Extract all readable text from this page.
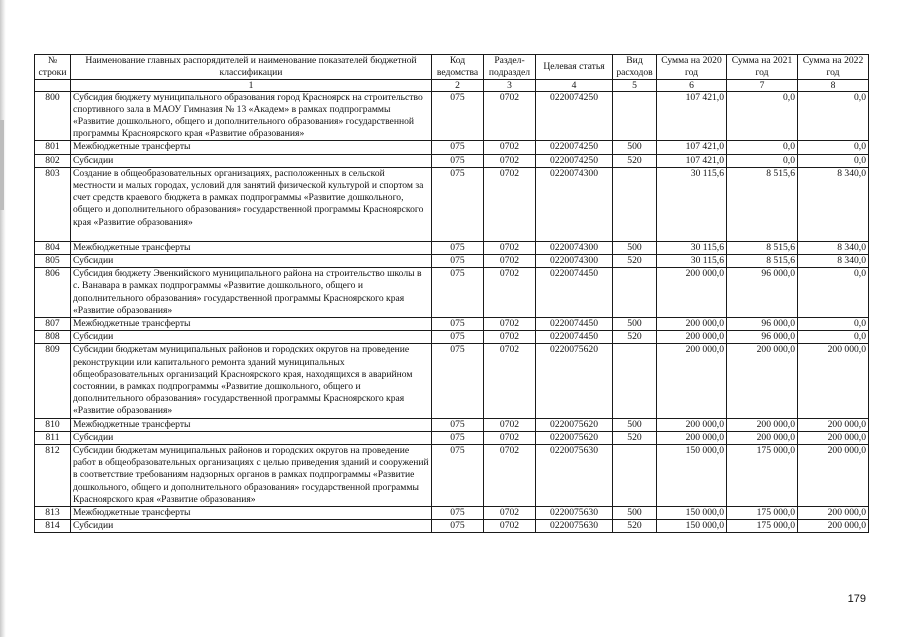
№ строки	Наименование главных распорядителей и наименование показателей бюджетной классификации	Код ведомства	Раздел-подраздел	Целевая статья	Вид расходов	Сумма на 2020 год	Сумма на 2021 год	Сумма на 2022 год
	1	2	3	4	5	6	7	8
800	Субсидия бюджету муниципального образования город Красноярск на строительство спортивного зала в МАОУ Гимназия № 13 «Академ» в рамках подпрограммы «Развитие дошкольного, общего и дополнительного образования» государственной программы Красноярского края «Развитие образования»	075	0702	0220074250		107 421,0	0,0	0,0
801	Межбюджетные трансферты	075	0702	0220074250	500	107 421,0	0,0	0,0
802	Субсидии	075	0702	0220074250	520	107 421,0	0,0	0,0
803	Создание в общеобразовательных организациях, расположенных в сельской местности и малых городах, условий для занятий физической культурой и спортом за счет средств краевого бюджета в рамках подпрограммы «Развитие дошкольного, общего и дополнительного образования» государственной программы Красноярского края «Развитие образования»	075	0702	0220074300		30 115,6	8 515,6	8 340,0
804	Межбюджетные трансферты	075	0702	0220074300	500	30 115,6	8 515,6	8 340,0
805	Субсидии	075	0702	0220074300	520	30 115,6	8 515,6	8 340,0
806	Субсидия бюджету Эвенкийского муниципального района на строительство школы в с. Ванавара в рамках подпрограммы «Развитие дошкольного, общего и дополнительного образования» государственной программы Красноярского края «Развитие образования»	075	0702	0220074450		200 000,0	96 000,0	0,0
807	Межбюджетные трансферты	075	0702	0220074450	500	200 000,0	96 000,0	0,0
808	Субсидии	075	0702	0220074450	520	200 000,0	96 000,0	0,0
809	Субсидии бюджетам муниципальных районов и городских округов на проведение реконструкции или капитального ремонта зданий муниципальных общеобразовательных организаций Красноярского края, находящихся в аварийном состоянии, в рамках подпрограммы «Развитие дошкольного, общего и дополнительного образования» государственной программы Красноярского края «Развитие образования»	075	0702	0220075620		200 000,0	200 000,0	200 000,0
810	Межбюджетные трансферты	075	0702	0220075620	500	200 000,0	200 000,0	200 000,0
811	Субсидии	075	0702	0220075620	520	200 000,0	200 000,0	200 000,0
812	Субсидии бюджетам муниципальных районов и городских округов на проведение работ в общеобразовательных организациях с целью приведения зданий и сооружений в соответствие требованиям надзорных органов в рамках подпрограммы «Развитие дошкольного, общего и дополнительного образования» государственной программы Красноярского края «Развитие образования»	075	0702	0220075630		150 000,0	175 000,0	200 000,0
813	Межбюджетные трансферты	075	0702	0220075630	500	150 000,0	175 000,0	200 000,0
814	Субсидии	075	0702	0220075630	520	150 000,0	175 000,0	200 000,0
179
